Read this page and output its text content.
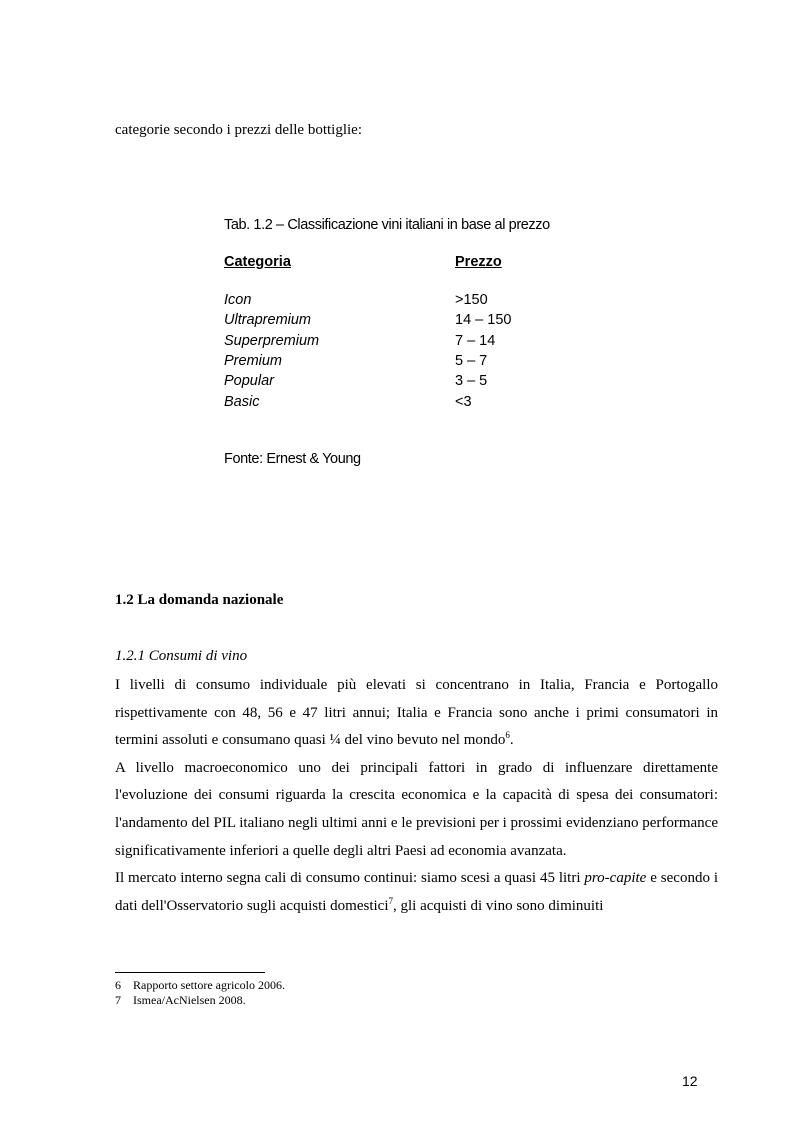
categorie secondo i prezzi delle bottiglie:

Tab. 1.2 – Classificazione vini italiani in base al prezzo

Categoria	Prezzo
Icon	>150
Ultrapremium	14 – 150
Superpremium	7 – 14
Premium	5 – 7
Popular	3 – 5
Basic	<3
Fonte: Ernest & Young
1.2 La domanda nazionale
1.2.1 Consumi di vino

I livelli di consumo individuale più elevati si concentrano in Italia, Francia e Portogallo rispettivamente con 48, 56 e 47 litri annui; Italia e Francia sono anche i primi consumatori in termini assoluti e consumano quasi ¼ del vino bevuto nel mondo$^6$.

A livello macroeconomico uno dei principali fattori in grado di influenzare direttamente l'evoluzione dei consumi riguarda la crescita economica e la capacità di spesa dei consumatori: l'andamento del PIL italiano negli ultimi anni e le previsioni per i prossimi evidenziano performance significativamente inferiori a quelle degli altri Paesi ad economia avanzata.

Il mercato interno segna cali di consumo continui: siamo scesi a quasi 45 litri pro-capite e secondo i dati dell'Osservatorio sugli acquisti domestici$^7$, gli acquisti di vino sono diminuiti

6 Rapporto settore agricolo 2006.
7 Ismea/AcNielsen 2008.
12
